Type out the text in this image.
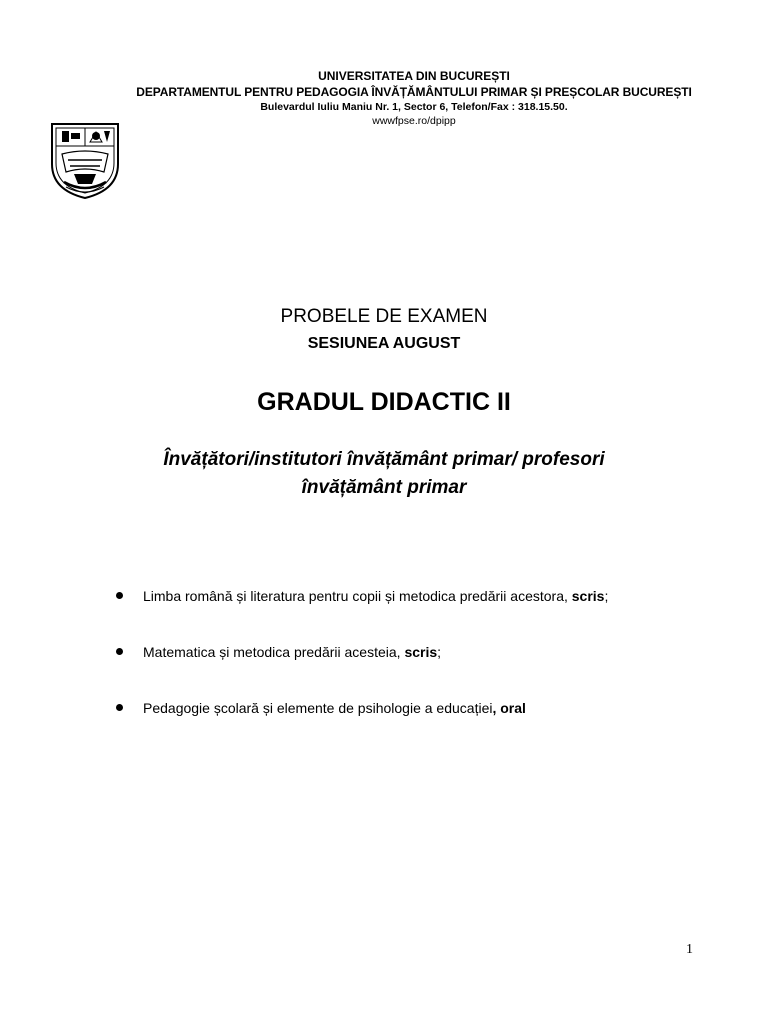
UNIVERSITATEA DIN BUCUREȘTI
DEPARTAMENTUL PENTRU PEDAGOGIA ÎNVĂȚĂMÂNTULUI PRIMAR ȘI PREȘCOLAR BUCUREȘTI
Bulevardul Iuliu Maniu Nr. 1, Sector 6, Telefon/Fax : 318.15.50.
wwwfpse.ro/dpipp
PROBELE DE EXAMEN
SESIUNEA AUGUST
GRADUL DIDACTIC II
Învățători/institutori învățământ primar/ profesori
învățământ primar
Limba română și literatura pentru copii și metodica predării acestora, scris;
Matematica și metodica predării acesteia, scris;
Pedagogie școlară și elemente de psihologie a educației, oral
1
